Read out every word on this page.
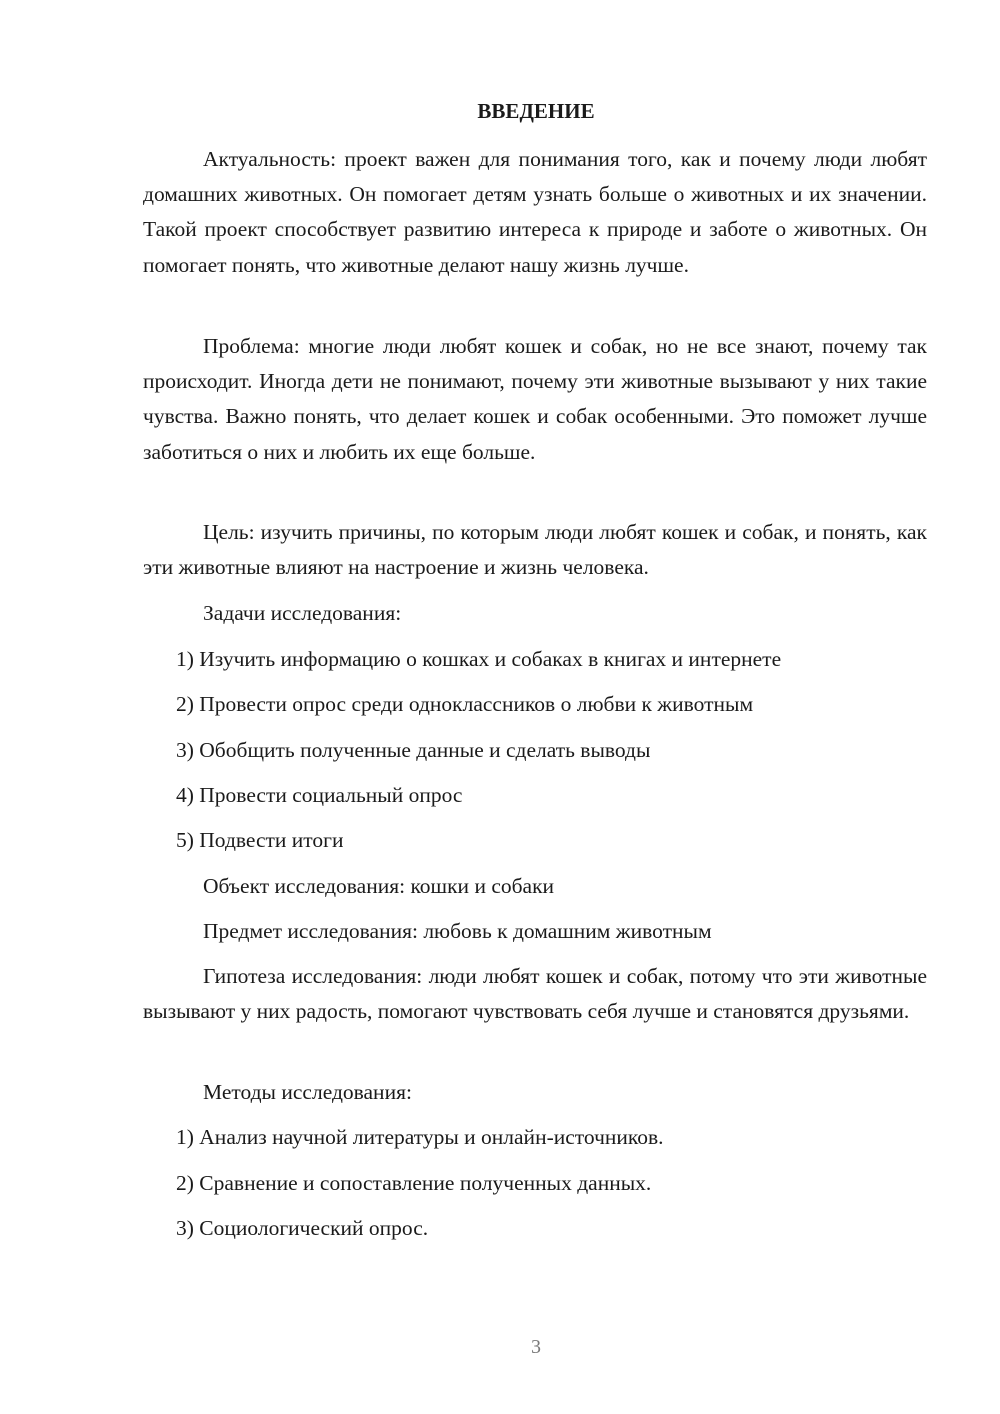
ВВЕДЕНИЕ

Актуальность: проект важен для понимания того, как и почему люди любят домашних животных. Он помогает детям узнать больше о животных и их значении. Такой проект способствует развитию интереса к природе и заботе о животных. Он помогает понять, что животные делают нашу жизнь лучше.

Проблема: многие люди любят кошек и собак, но не все знают, почему так происходит. Иногда дети не понимают, почему эти животные вызывают у них такие чувства. Важно понять, что делает кошек и собак особенными. Это поможет лучше заботиться о них и любить их еще больше.

Цель: изучить причины, по которым люди любят кошек и собак, и понять, как эти животные влияют на настроение и жизнь человека.

Задачи исследования:

1) Изучить информацию о кошках и собаках в книгах и интернете

2) Провести опрос среди одноклассников о любви к животным

3) Обобщить полученные данные и сделать выводы

4) Провести социальный опрос

5) Подвести итоги

Объект исследования: кошки и собаки

Предмет исследования: любовь к домашним животным

Гипотеза исследования: люди любят кошек и собак, потому что эти животные вызывают у них радость, помогают чувствовать себя лучше и становятся друзьями.

Методы исследования:

1) Анализ научной литературы и онлайн-источников.

2) Сравнение и сопоставление полученных данных.

3) Социологический опрос.

3
